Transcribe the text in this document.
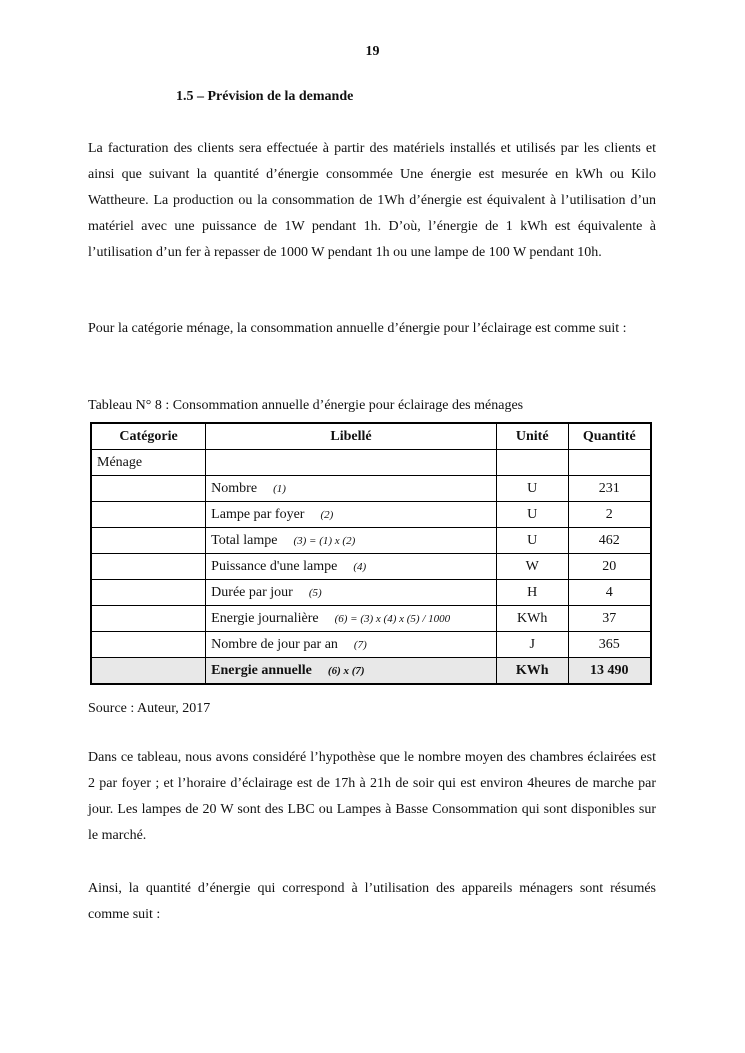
19
1.5 – Prévision de la demande

La facturation des clients sera effectuée à partir des matériels installés et utilisés par les clients et ainsi que suivant la quantité d’énergie consommée Une énergie est mesurée en kWh ou Kilo Wattheure. La production ou la consommation de 1Wh d’énergie est équivalent à l’utilisation d’un matériel avec une puissance de 1W pendant 1h. D’où, l’énergie de 1 kWh est équivalente à l’utilisation d’un fer à repasser de 1000 W pendant 1h ou une lampe de 100 W pendant 10h.

Pour la catégorie ménage, la consommation annuelle d’énergie pour l’éclairage est comme suit :

Tableau N° 8 : Consommation annuelle d’énergie pour éclairage des ménages
Catégorie	Libellé	Unité	Quantité
Ménage			
	Nombre (1)	U	231
	Lampe par foyer (2)	U	2
	Total lampe (3) = (1) x (2)	U	462
	Puissance d'une lampe (4)	W	20
	Durée par jour (5)	H	4
	Energie journalière (6) = (3) x (4) x (5) / 1000	KWh	37
	Nombre de jour par an (7)	J	365
	Energie annuelle (6) x (7)	KWh	13 490
Source : Auteur, 2017

Dans ce tableau, nous avons considéré l’hypothèse que le nombre moyen des chambres éclairées est 2 par foyer ; et l’horaire d’éclairage est de 17h à 21h de soir qui est environ 4heures de marche par jour. Les lampes de 20 W sont des LBC ou Lampes à Basse Consommation qui sont disponibles sur le marché.

Ainsi, la quantité d’énergie qui correspond à l’utilisation des appareils ménagers sont résumés comme suit :
